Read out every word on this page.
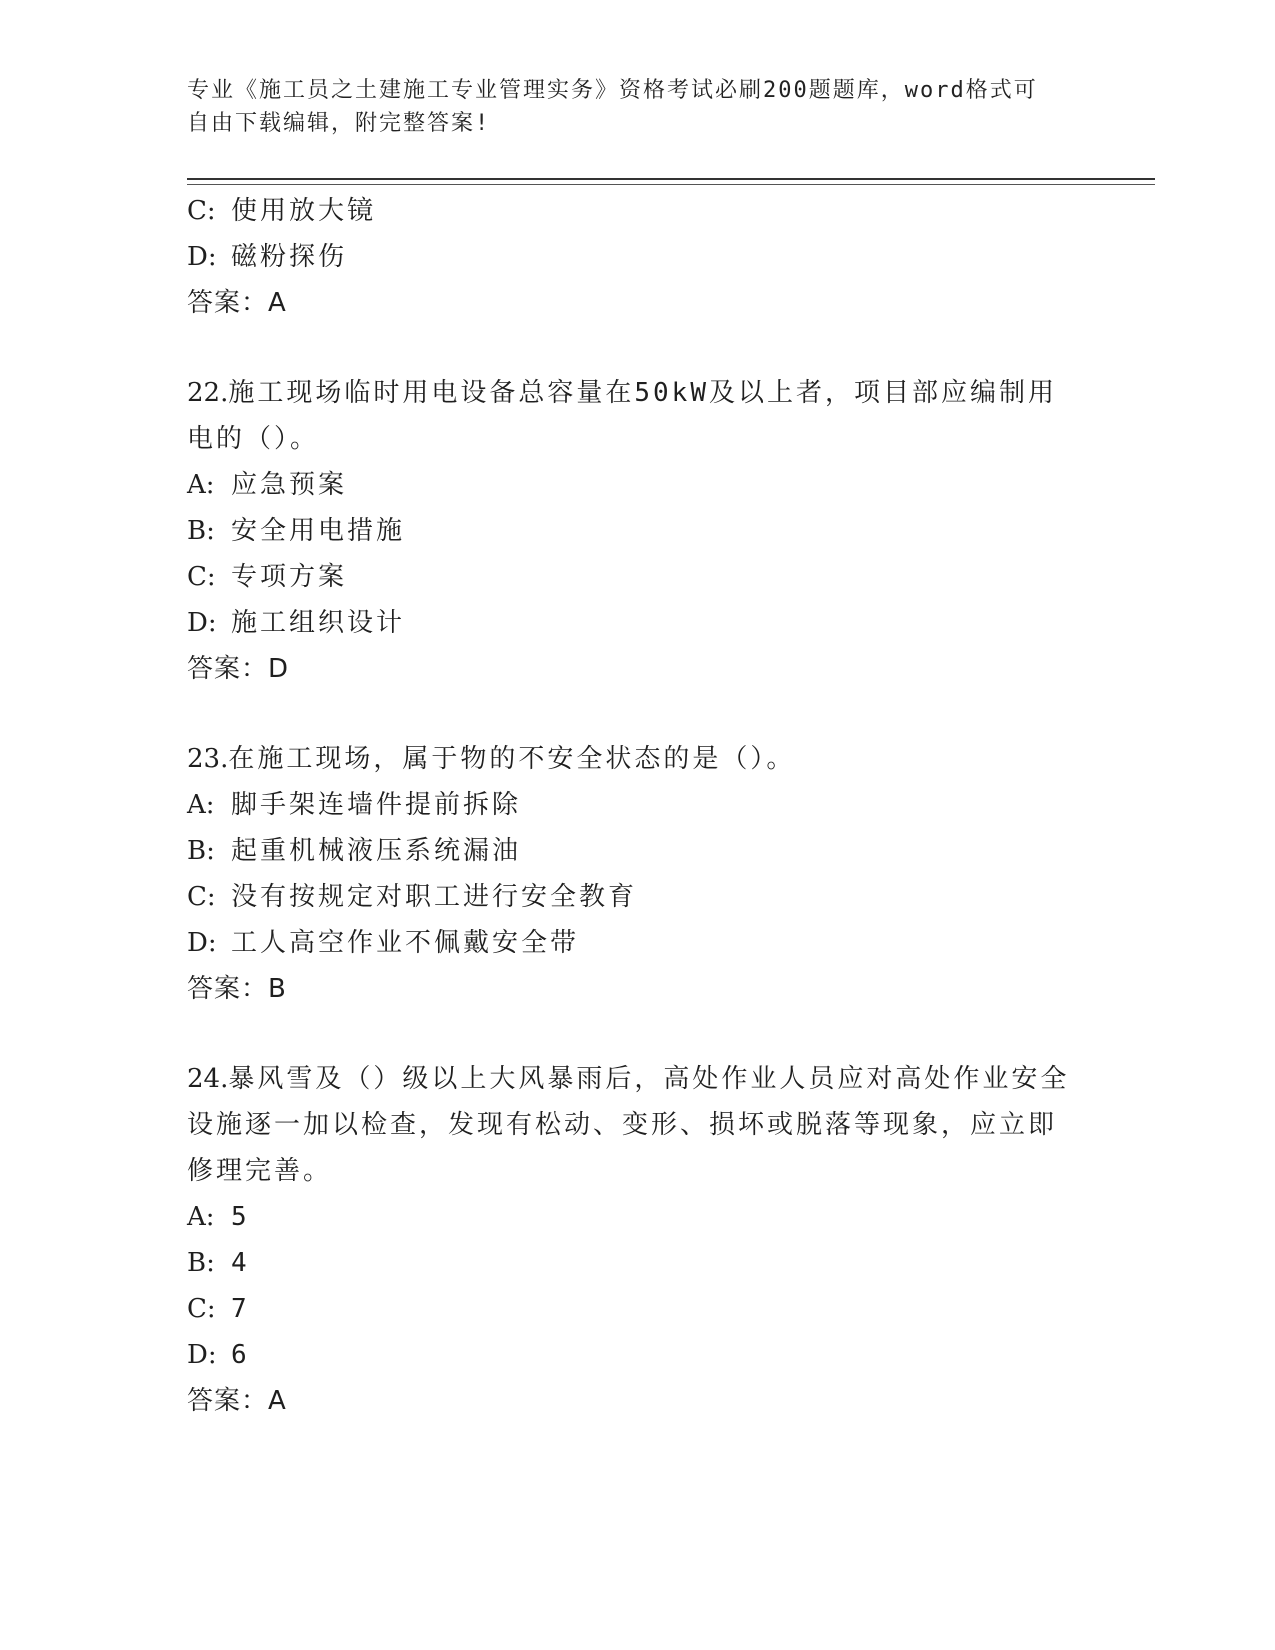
专业《施工员之土建施工专业管理实务》资格考试必刷200题题库，word格式可
自由下载编辑，附完整答案!
C: 使用放大镜
D: 磁粉探伤
答案：A
22.施工现场临时用电设备总容量在50kW及以上者，项目部应编制用
电的（）。
A: 应急预案
B: 安全用电措施
C: 专项方案
D: 施工组织设计
答案：D
23.在施工现场，属于物的不安全状态的是（）。
A: 脚手架连墙件提前拆除
B: 起重机械液压系统漏油
C: 没有按规定对职工进行安全教育
D: 工人高空作业不佩戴安全带
答案：B
24.暴风雪及（）级以上大风暴雨后，高处作业人员应对高处作业安全
设施逐一加以检查，发现有松动、变形、损坏或脱落等现象，应立即
修理完善。
A: 5
B: 4
C: 7
D: 6
答案：A
